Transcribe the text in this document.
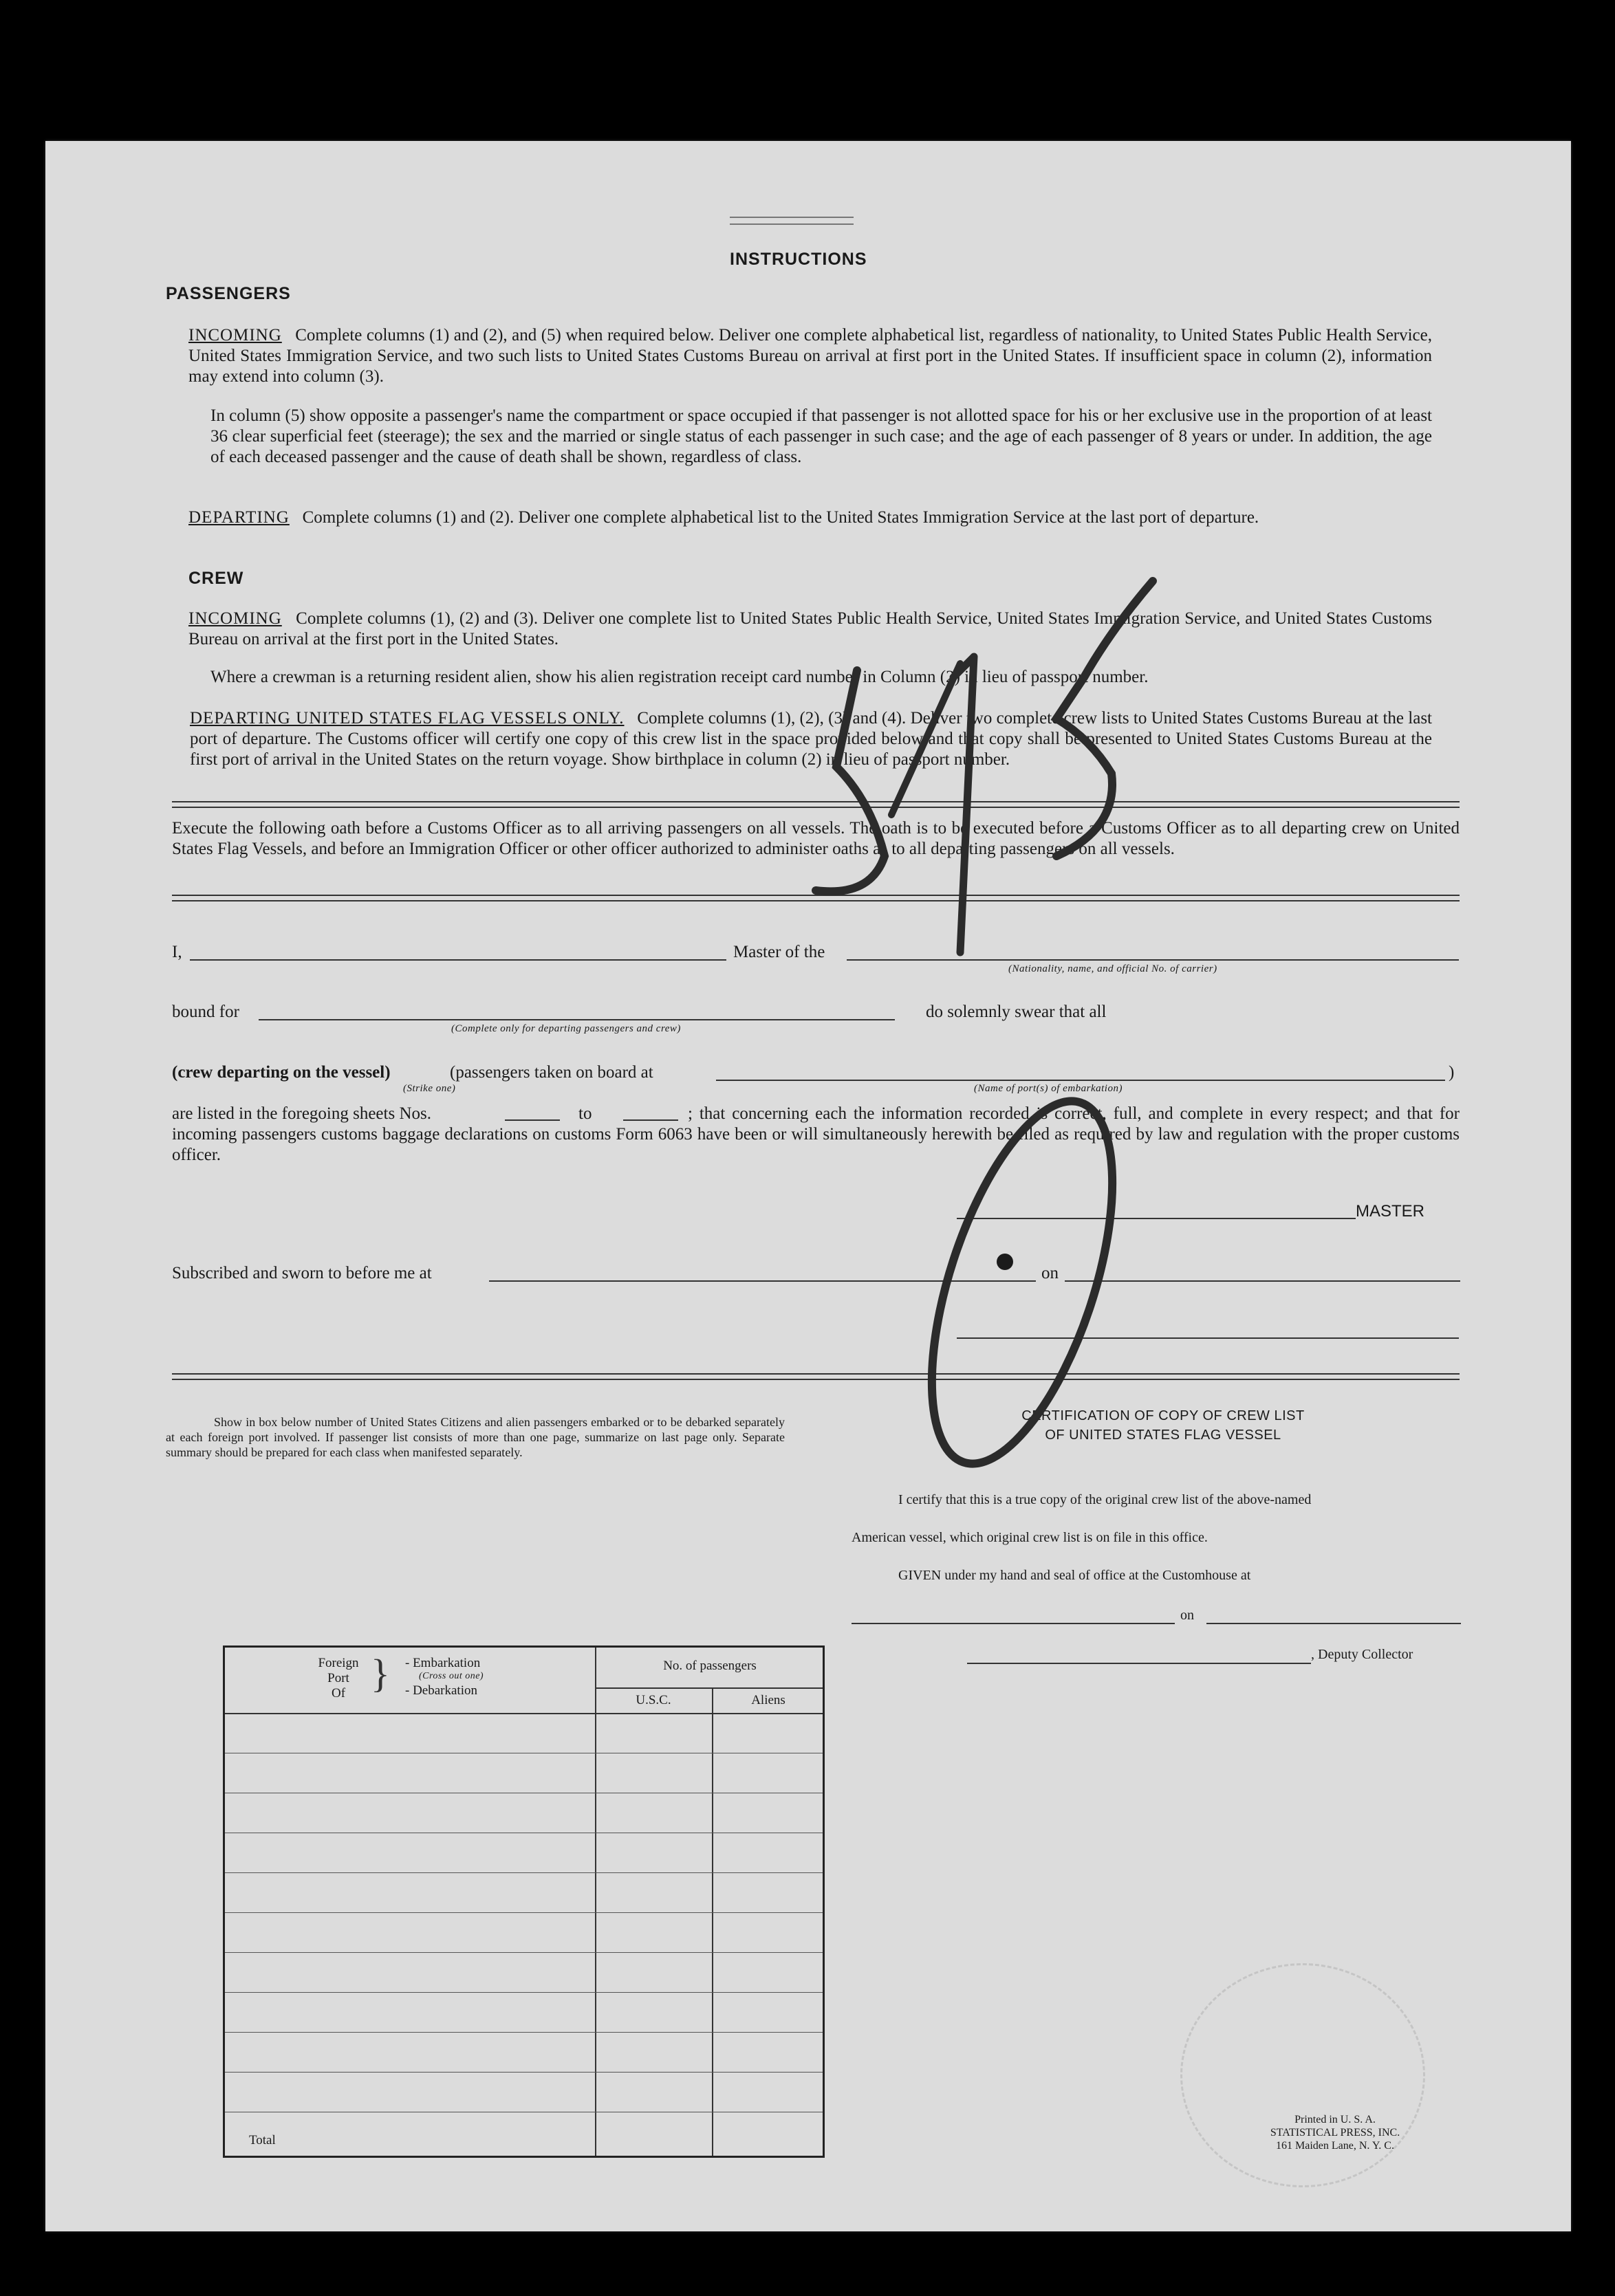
INSTRUCTIONS
PASSENGERS
INCOMING Complete columns (1) and (2), and (5) when required below. Deliver one complete alphabetical list, regardless of nationality, to United States Public Health Service, United States Immigration Service, and two such lists to United States Customs Bureau on arrival at first port in the United States. If insufficient space in column (2), information may extend into column (3).
In column (5) show opposite a passenger's name the compartment or space occupied if that passenger is not allotted space for his or her exclusive use in the proportion of at least 36 clear superficial feet (steerage); the sex and the married or single status of each passenger in such case; and the age of each passenger of 8 years or under. In addition, the age of each deceased passenger and the cause of death shall be shown, regardless of class.
DEPARTING Complete columns (1) and (2). Deliver one complete alphabetical list to the United States Immigration Service at the last port of departure.
CREW
INCOMING Complete columns (1), (2) and (3). Deliver one complete list to United States Public Health Service, United States Immigration Service, and United States Customs Bureau on arrival at the first port in the United States.
Where a crewman is a returning resident alien, show his alien registration receipt card number in Column (2) in lieu of passport number.
DEPARTING UNITED STATES FLAG VESSELS ONLY. Complete columns (1), (2), (3) and (4). Deliver two complete crew lists to United States Customs Bureau at the last port of departure. The Customs officer will certify one copy of this crew list in the space provided below and that copy shall be presented to United States Customs Bureau at the first port of arrival in the United States on the return voyage. Show birthplace in column (2) in lieu of passport number.
Execute the following oath before a Customs Officer as to all arriving passengers on all vessels. The oath is to be executed before a Customs Officer as to all departing crew on United States Flag Vessels, and before an Immigration Officer or other officer authorized to administer oaths as to all departing passengers on all vessels.
I,	Master of the
(Nationality, name, and official No. of carrier)
bound for
(Complete only for departing passengers and crew)
do solemnly swear that all
(crew departing on the vessel)	(passengers taken on board at	)
(Strike one)	(Name of port(s) of embarkation)
are listed in the foregoing sheets Nos.	to	; that concerning each the information recorded is correct, full, and complete in every respect; and that for incoming passengers customs baggage declarations on customs Form 6063 have been or will simultaneously herewith be filed as required by law and regulation with the proper customs officer.
MASTER
Subscribed and sworn to before me at	on
Show in box below number of United States Citizens and alien passengers embarked or to be debarked separately at each foreign port involved. If passenger list consists of more than one page, summarize on last page only. Separate summary should be prepared for each class when manifested separately.
Foreign
Port
Of } - Embarkation
(Cross out one)
- Debarkation
No. of passengers
U.S.C.	Aliens
Total
CERTIFICATION OF COPY OF CREW LIST
OF UNITED STATES FLAG VESSEL
I certify that this is a true copy of the original crew list of the above-named
American vessel, which original crew list is on file in this office.
GIVEN under my hand and seal of office at the Customhouse at
on
, Deputy Collector
Printed in U. S. A.
STATISTICAL PRESS, INC.
161 Maiden Lane, N. Y. C.
